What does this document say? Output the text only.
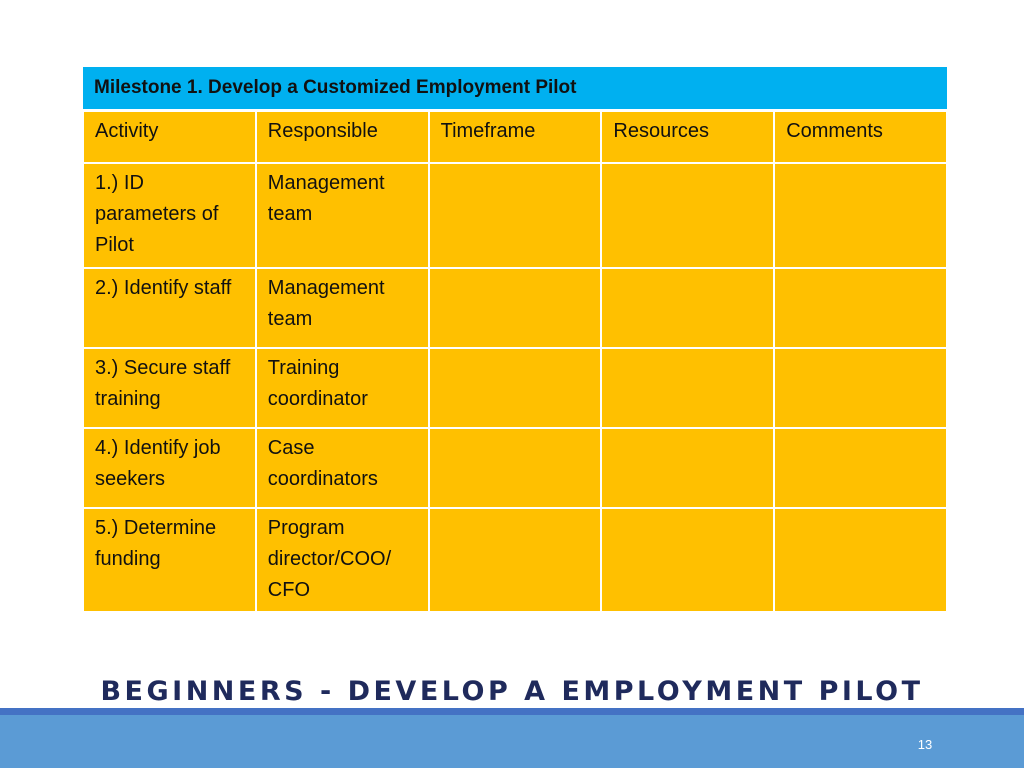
Milestone 1. Develop a Customized Employment Pilot				
Activity	Responsible	Timeframe	Resources	Comments
1.) ID parameters of Pilot	Management team			
2.) Identify staff	Management team			
3.) Secure staff training	Training coordinator			
4.) Identify job seekers	Case coordinators			
5.) Determine funding	Program director/COO/ CFO			
BEGINNERS - DEVELOP A EMPLOYMENT PILOT
13
